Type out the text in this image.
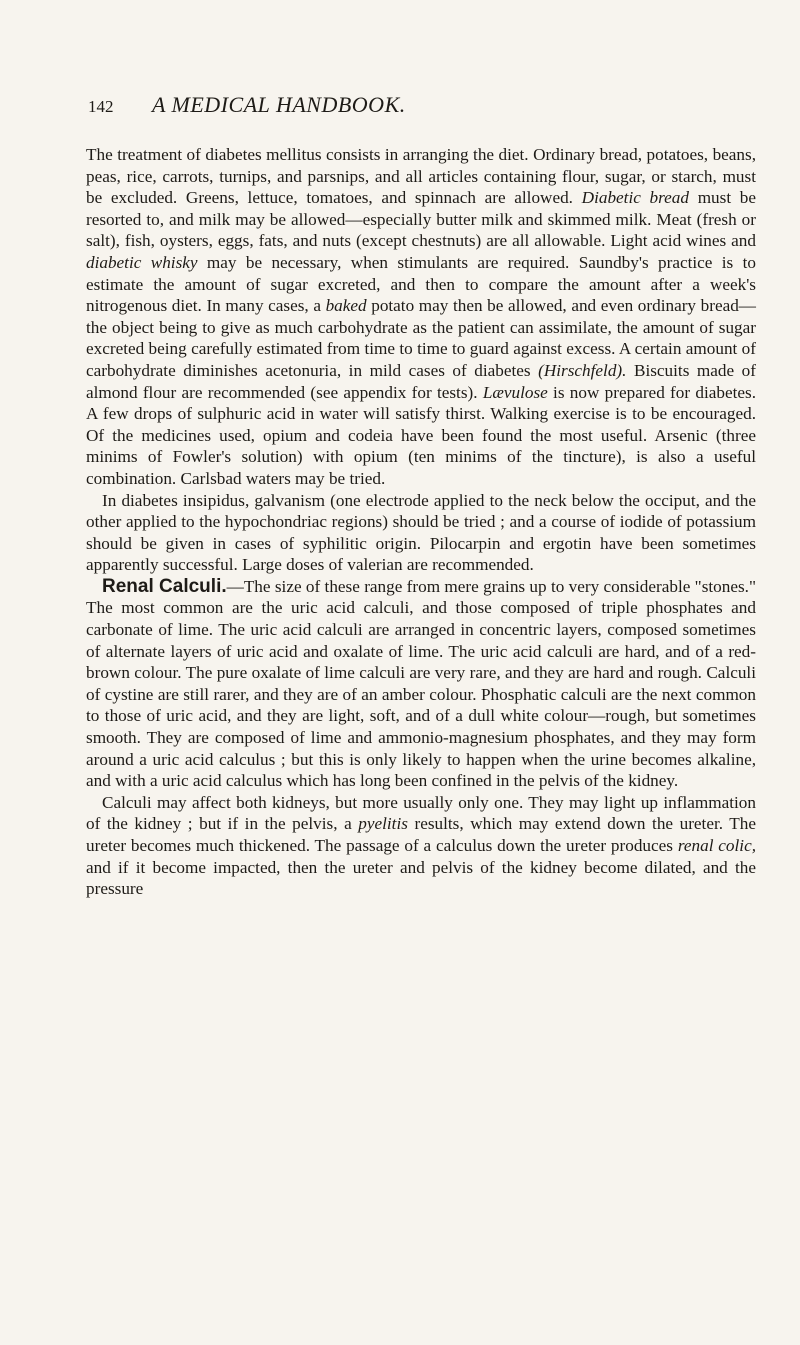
142	A MEDICAL HANDBOOK.

The treatment of diabetes mellitus consists in arranging the diet. Ordinary bread, potatoes, beans, peas, rice, carrots, turnips, and parsnips, and all articles containing flour, sugar, or starch, must be excluded. Greens, lettuce, tomatoes, and spinnach are allowed. Diabetic bread must be resorted to, and milk may be allowed—especially butter milk and skimmed milk. Meat (fresh or salt), fish, oysters, eggs, fats, and nuts (except chestnuts) are all allowable. Light acid wines and diabetic whisky may be necessary, when stimulants are required. Saundby's practice is to estimate the amount of sugar excreted, and then to compare the amount after a week's nitrogenous diet. In many cases, a baked potato may then be allowed, and even ordinary bread—the object being to give as much carbohydrate as the patient can assimilate, the amount of sugar excreted being carefully estimated from time to time to guard against excess. A certain amount of carbohydrate diminishes acetonuria, in mild cases of diabetes (Hirschfeld). Biscuits made of almond flour are recommended (see appendix for tests). Lævulose is now prepared for diabetes. A few drops of sulphuric acid in water will satisfy thirst. Walking exercise is to be encouraged. Of the medicines used, opium and codeia have been found the most useful. Arsenic (three minims of Fowler's solution) with opium (ten minims of the tincture), is also a useful combination. Carlsbad waters may be tried.

In diabetes insipidus, galvanism (one electrode applied to the neck below the occiput, and the other applied to the hypochondriac regions) should be tried ; and a course of iodide of potassium should be given in cases of syphilitic origin. Pilocarpin and ergotin have been sometimes apparently successful. Large doses of valerian are recommended.

Renal Calculi.—The size of these range from mere grains up to very considerable "stones." The most common are the uric acid calculi, and those composed of triple phosphates and carbonate of lime. The uric acid calculi are arranged in concentric layers, composed sometimes of alternate layers of uric acid and oxalate of lime. The uric acid calculi are hard, and of a red-brown colour. The pure oxalate of lime calculi are very rare, and they are hard and rough. Calculi of cystine are still rarer, and they are of an amber colour. Phosphatic calculi are the next common to those of uric acid, and they are light, soft, and of a dull white colour—rough, but sometimes smooth. They are composed of lime and ammonio-magnesium phosphates, and they may form around a uric acid calculus ; but this is only likely to happen when the urine becomes alkaline, and with a uric acid calculus which has long been confined in the pelvis of the kidney.

Calculi may affect both kidneys, but more usually only one. They may light up inflammation of the kidney ; but if in the pelvis, a pyelitis results, which may extend down the ureter. The ureter becomes much thickened. The passage of a calculus down the ureter produces renal colic, and if it become impacted, then the ureter and pelvis of the kidney become dilated, and the pressure
